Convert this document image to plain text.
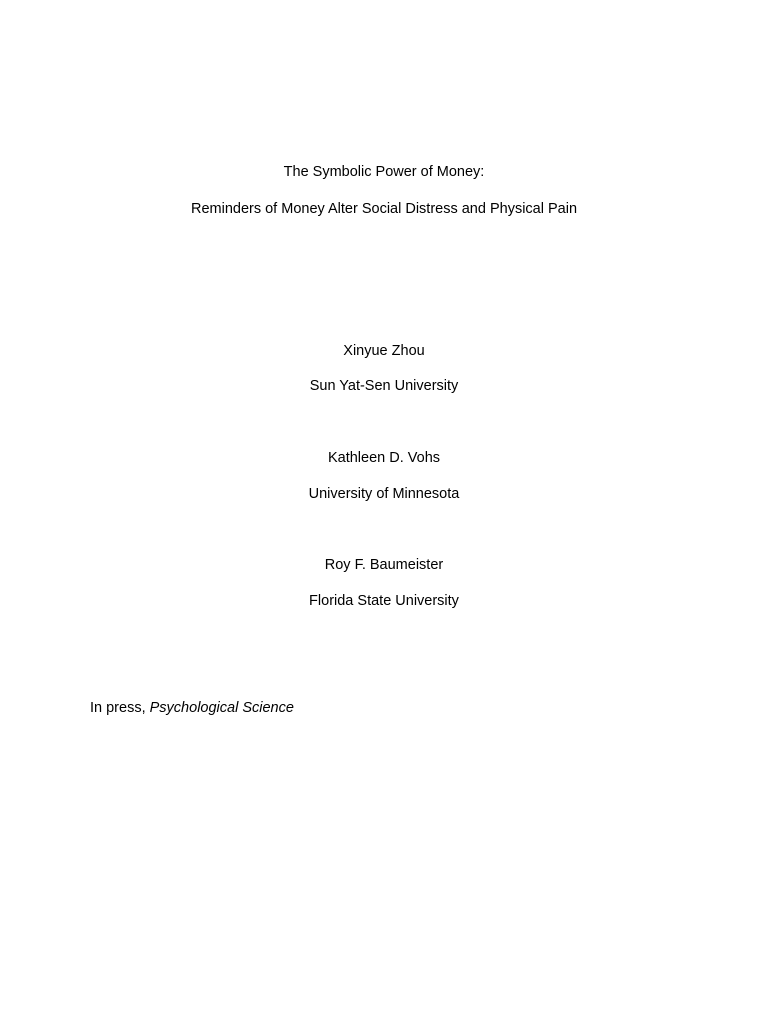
The Symbolic Power of Money:
Reminders of Money Alter Social Distress and Physical Pain
Xinyue Zhou
Sun Yat-Sen University
Kathleen D. Vohs
University of Minnesota
Roy F. Baumeister
Florida State University
In press, Psychological Science
